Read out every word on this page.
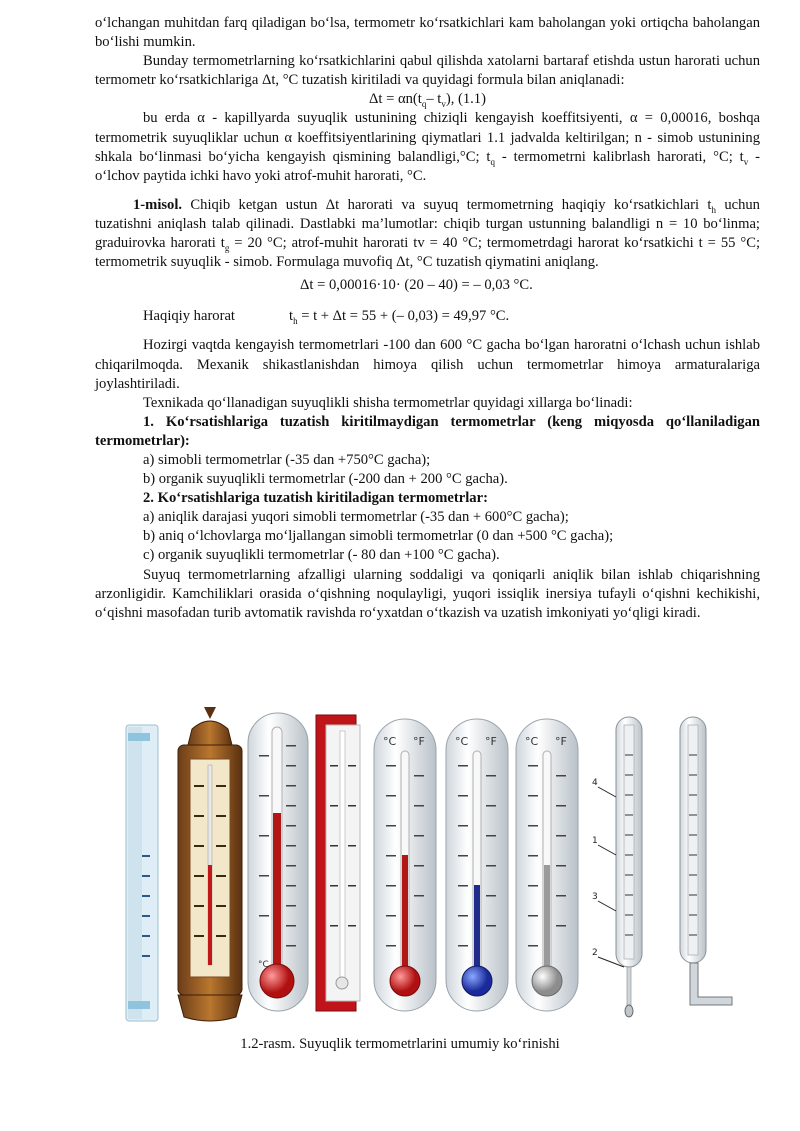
o‘lchangan muhitdan farq qiladigan bo‘lsa, termometr ko‘rsatkichlari kam baholangan yoki ortiqcha baholangan bo‘lishi mumkin.

Bunday termometrlarning ko‘rsatkichlarini qabul qilishda xatolarni bartaraf etishda ustun harorati uchun termometr ko‘rsatkichlariga Δt, °C tuzatish kiritiladi va quyidagi formula bilan aniqlanadi:

$\Delta t = \alpha n(t_q-$ $t_v$), (1.1)

bu erda α - kapillyarda suyuqlik ustunining chiziqli kengayish koeffitsiyenti, α = 0,00016, boshqa termometrik suyuqliklar uchun α koeffitsiyentlarining qiymatlari 1.1 jadvalda keltirilgan; n - simob ustunining shkala bo‘linmasi bo‘yicha kengayish qismining balandligi,°C; $t_q$ - termometrni kalibrlash harorati, °C; $t_v$ - o‘lchov paytida ichki havo yoki atrof-muhit harorati, °C.

1-misol. Chiqib ketgan ustun Δt harorati va suyuq termometrning haqiqiy ko‘rsatkichlari $t_h$ uchun tuzatishni aniqlash talab qilinadi. Dastlabki ma’lumotlar: chiqib turgan ustunning balandligi n = 10 bo‘linma; graduirovka harorati $t_g = 20$ °C; atrof-muhit harorati tv = 40 °C; termometrdagi harorat ko‘rsatkichi t = 55 °C; termometrik suyuqlik - simob. Formulaga muvofiq Δt, °C tuzatish qiymatini aniqlang.

Δt = 0,00016·10· (20 – 40) = – 0,03 °C.

Haqiqiy harorat	$t_h = t + \Delta t = 55$ + (– 0,03) = 49,97 °C.

Hozirgi vaqtda kengayish termometrlari -100 dan 600 °C gacha bo‘lgan haroratni o‘lchash uchun ishlab chiqarilmoqda. Mexanik shikastlanishdan himoya qilish uchun termometrlar himoya armaturalariga joylashtiriladi.

Texnikada qo‘llanadigan suyuqlikli shisha termometrlar quyidagi xillarga bo‘linadi:

1. Ko‘rsatishlariga tuzatish kiritilmaydigan termometrlar (keng miqyosda qo‘llaniladigan termometrlar):

a) simobli termometrlar (-35 dan +750°C gacha);

b) organik suyuqlikli termometrlar (-200 dan + 200 °C gacha).

2. Ko‘rsatishlariga tuzatish kiritiladigan termometrlar:

a) aniqlik darajasi yuqori simobli termometrlar (-35 dan + 600°C gacha);

b) aniq o‘lchovlarga mo‘ljallangan simobli termometrlar (0 dan +500 °C gacha);

c) organik suyuqlikli termometrlar (- 80 dan +100 °C gacha).

Suyuq termometrlarning afzalligi ularning soddaligi va qoniqarli aniqlik bilan ishlab chiqarishning arzonligidir. Kamchiliklari orasida o‘qishning noqulayligi, yuqori issiqlik inersiya tufayli o‘qishni kechikishi, o‘qishni masofadan turib avtomatik ravishda ro‘yxatdan o‘tkazish va uzatish imkoniyati yo‘qligi kiradi.

°C
°C °F	°C °F	°C °F
4
1
3
2
1.2-rasm. Suyuqlik termometrlarini umumiy ko‘rinishi
